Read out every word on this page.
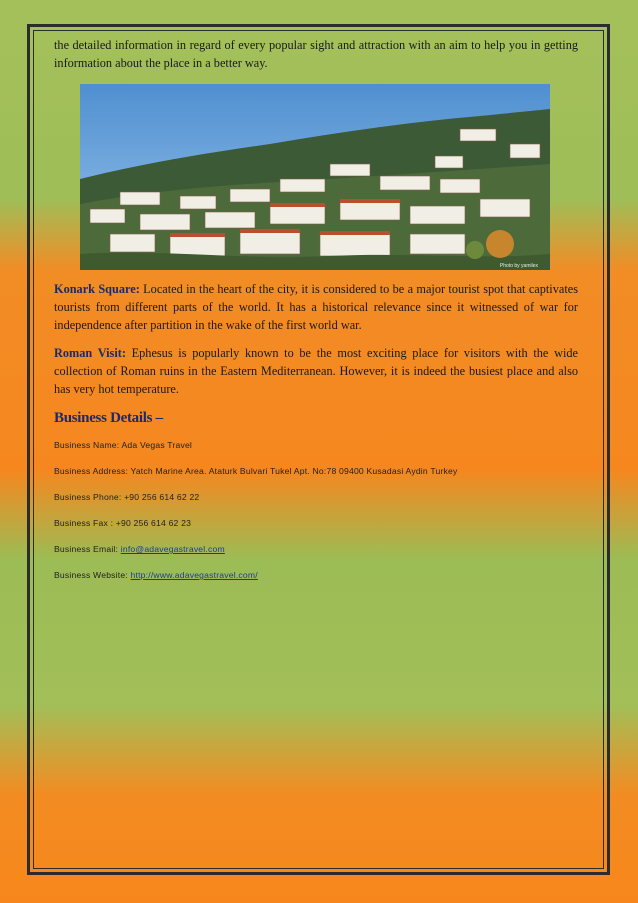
the detailed information in regard of every popular sight and attraction with an aim to help you in getting information about the place in a better way.

Photo by yamilex

Konark Square: Located in the heart of the city, it is considered to be a major tourist spot that captivates tourists from different parts of the world. It has a historical relevance since it witnessed of war for independence after partition in the wake of the first world war.

Roman Visit: Ephesus is popularly known to be the most exciting place for visitors with the wide collection of Roman ruins in the Eastern Mediterranean. However, it is indeed the busiest place and also has very hot temperature.

Business Details –
Business Name: Ada Vegas Travel
Business Address: Yatch Marine Area. Ataturk Bulvari Tukel Apt. No:78 09400 Kusadasi Aydin Turkey
Business Phone: +90 256 614 62 22
Business Fax : +90 256 614 62 23
Business Email: info@adavegastravel.com
Business Website: http://www.adavegastravel.com/
